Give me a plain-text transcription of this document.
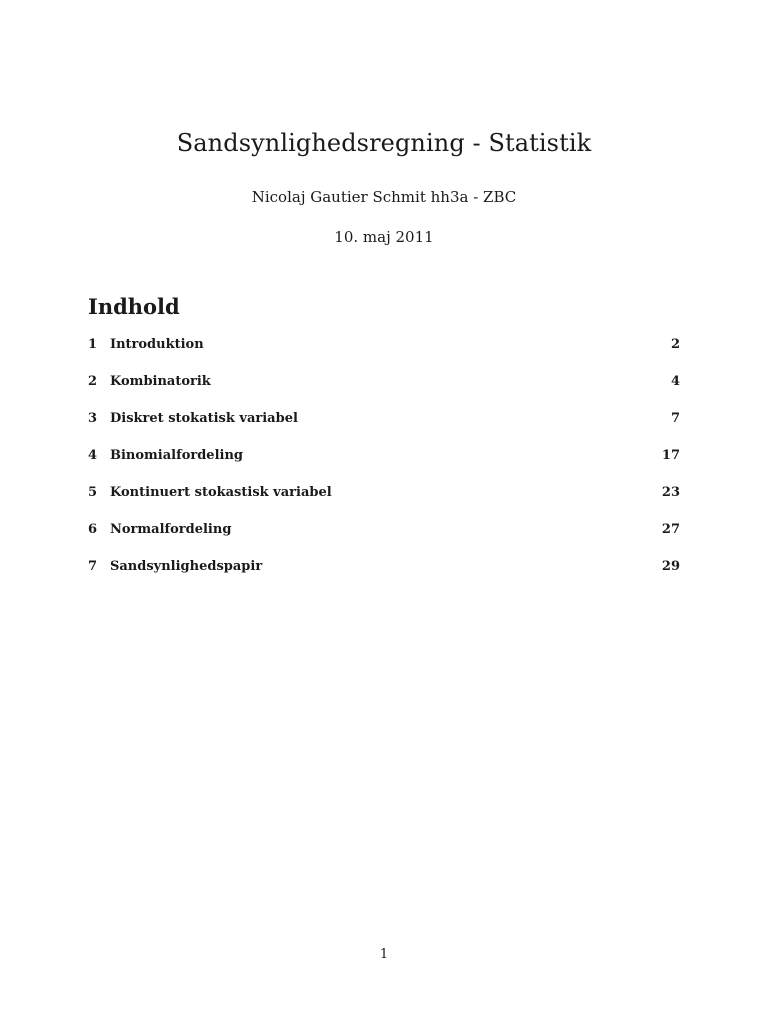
Sandsynlighedsregning - Statistik
Nicolaj Gautier Schmit hh3a - ZBC
10. maj 2011
Indhold
1 Introduktion	2
2 Kombinatorik	4
3 Diskret stokatisk variabel	7
4 Binomialfordeling	17
5 Kontinuert stokastisk variabel	23
6 Normalfordeling	27
7 Sandsynlighedspapir	29
1
